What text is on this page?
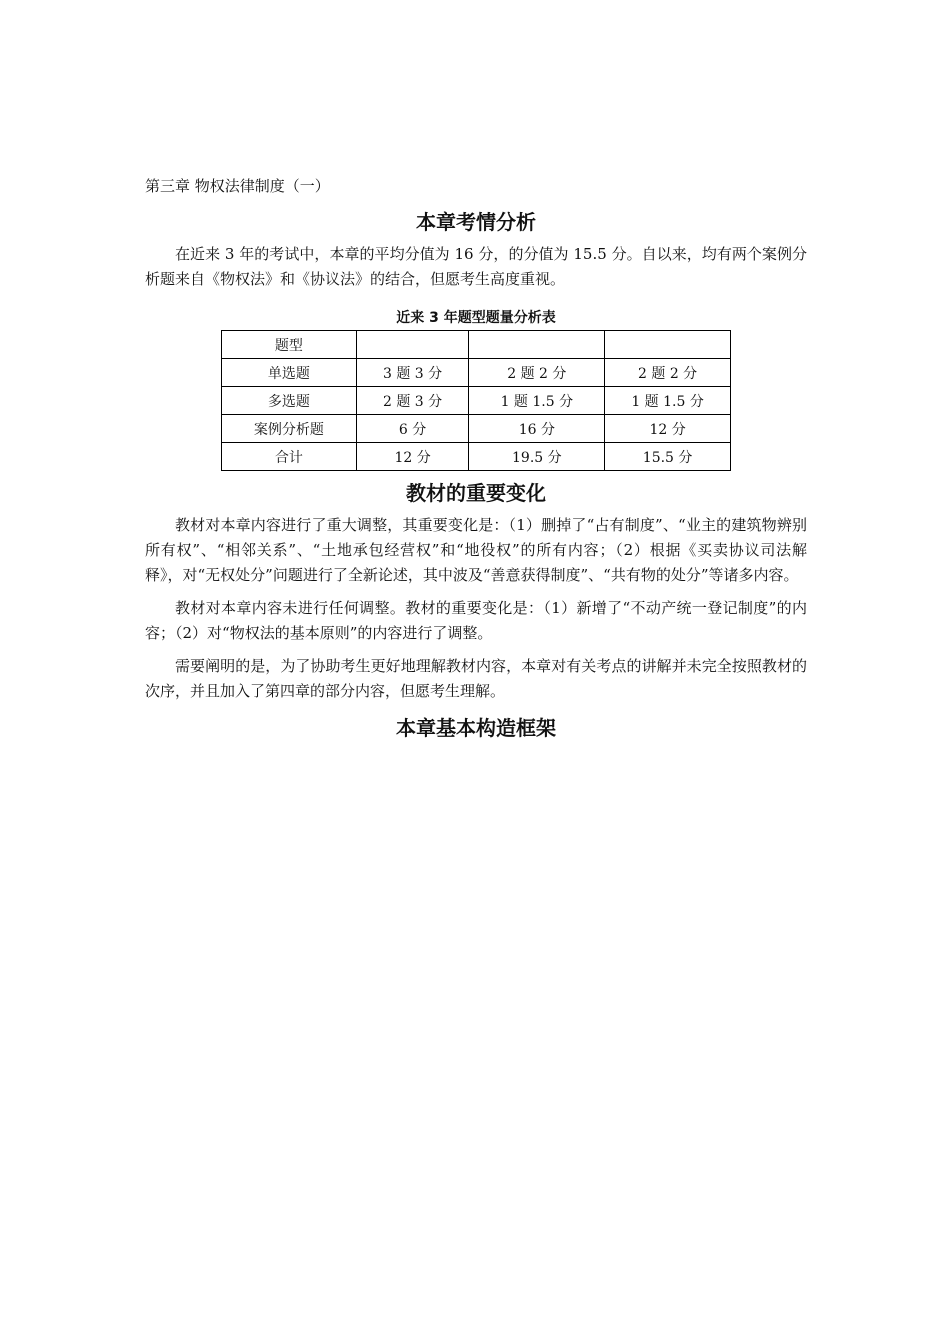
第三章 物权法律制度（一）

本章考情分析

在近来 3 年的考试中，本章的平均分值为 16 分，的分值为 15.5 分。自以来，均有两个案例分析题来自《物权法》和《协议法》的结合，但愿考生高度重视。

近来 3 年题型题量分析表
题型			
单选题	3 题 3 分	2 题 2 分	2 题 2 分
多选题	2 题 3 分	1 题 1.5 分	1 题 1.5 分
案例分析题	6 分	16 分	12 分
合计	12 分	19.5 分	15.5 分
教材的重要变化

教材对本章内容进行了重大调整，其重要变化是：（1）删掉了“占有制度”、“业主的建筑物辨别所有权”、“相邻关系”、“土地承包经营权”和“地役权”的所有内容；（2）根据《买卖协议司法解释》，对“无权处分”问题进行了全新论述，其中波及“善意获得制度”、“共有物的处分”等诸多内容。

教材对本章内容未进行任何调整。教材的重要变化是：（1）新增了“不动产统一登记制度”的内容；（2）对“物权法的基本原则”的内容进行了调整。

需要阐明的是，为了协助考生更好地理解教材内容，本章对有关考点的讲解并未完全按照教材的次序，并且加入了第四章的部分内容，但愿考生理解。

本章基本构造框架
